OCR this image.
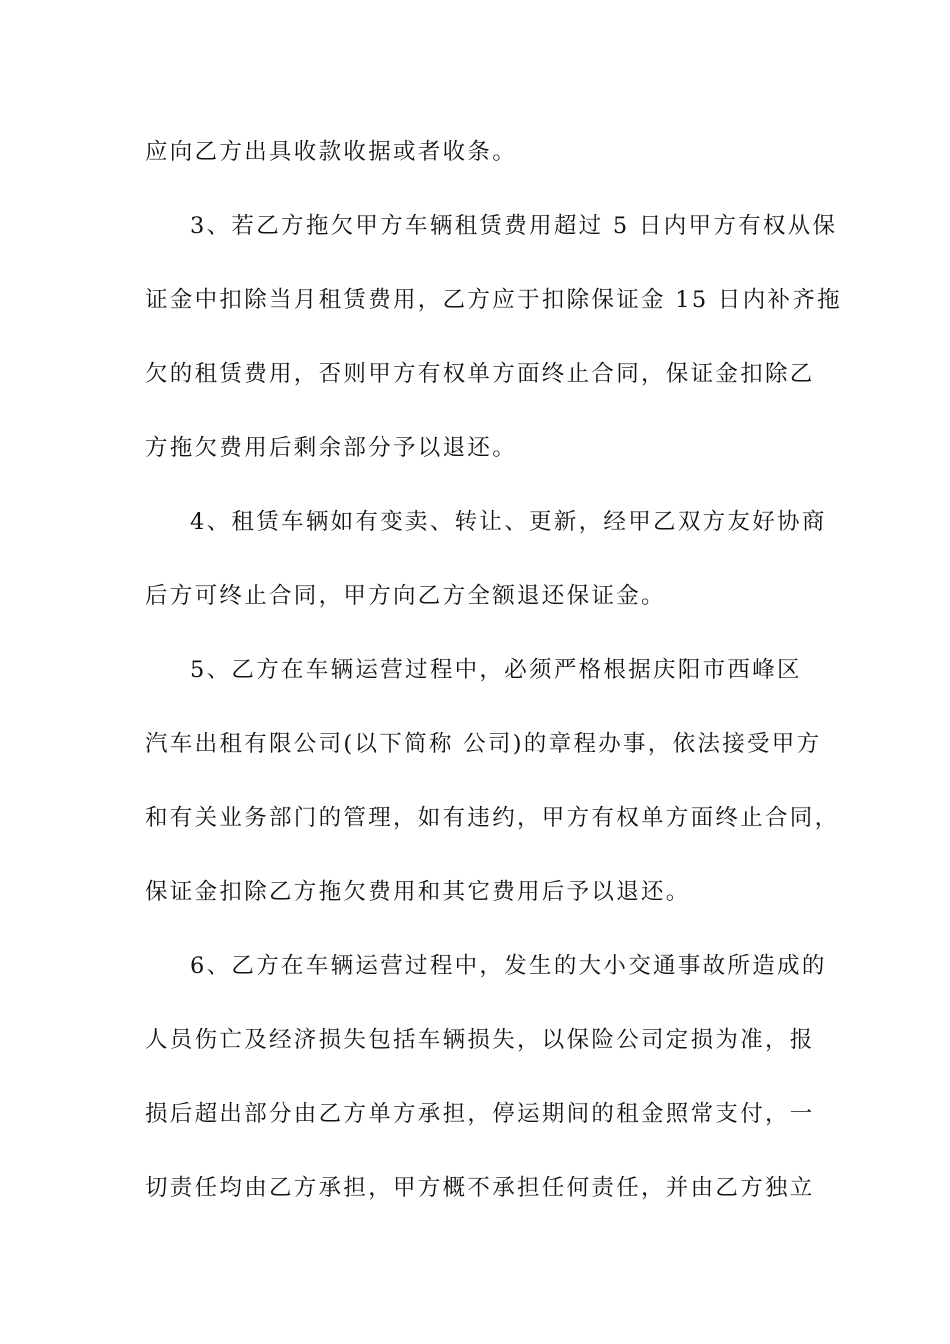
应向乙方出具收款收据或者收条。
3、若乙方拖欠甲方车辆租赁费用超过 5 日内甲方有权从保
证金中扣除当月租赁费用，乙方应于扣除保证金 15 日内补齐拖
欠的租赁费用，否则甲方有权单方面终止合同，保证金扣除乙
方拖欠费用后剩余部分予以退还。
4、租赁车辆如有变卖、转让、更新，经甲乙双方友好协商
后方可终止合同，甲方向乙方全额退还保证金。
5、乙方在车辆运营过程中，必须严格根据庆阳市西峰区
汽车出租有限公司(以下简称 公司)的章程办事，依法接受甲方
和有关业务部门的管理，如有违约，甲方有权单方面终止合同，
保证金扣除乙方拖欠费用和其它费用后予以退还。
6、乙方在车辆运营过程中，发生的大小交通事故所造成的
人员伤亡及经济损失包括车辆损失，以保险公司定损为准，报
损后超出部分由乙方单方承担，停运期间的租金照常支付，一
切责任均由乙方承担，甲方概不承担任何责任，并由乙方独立
